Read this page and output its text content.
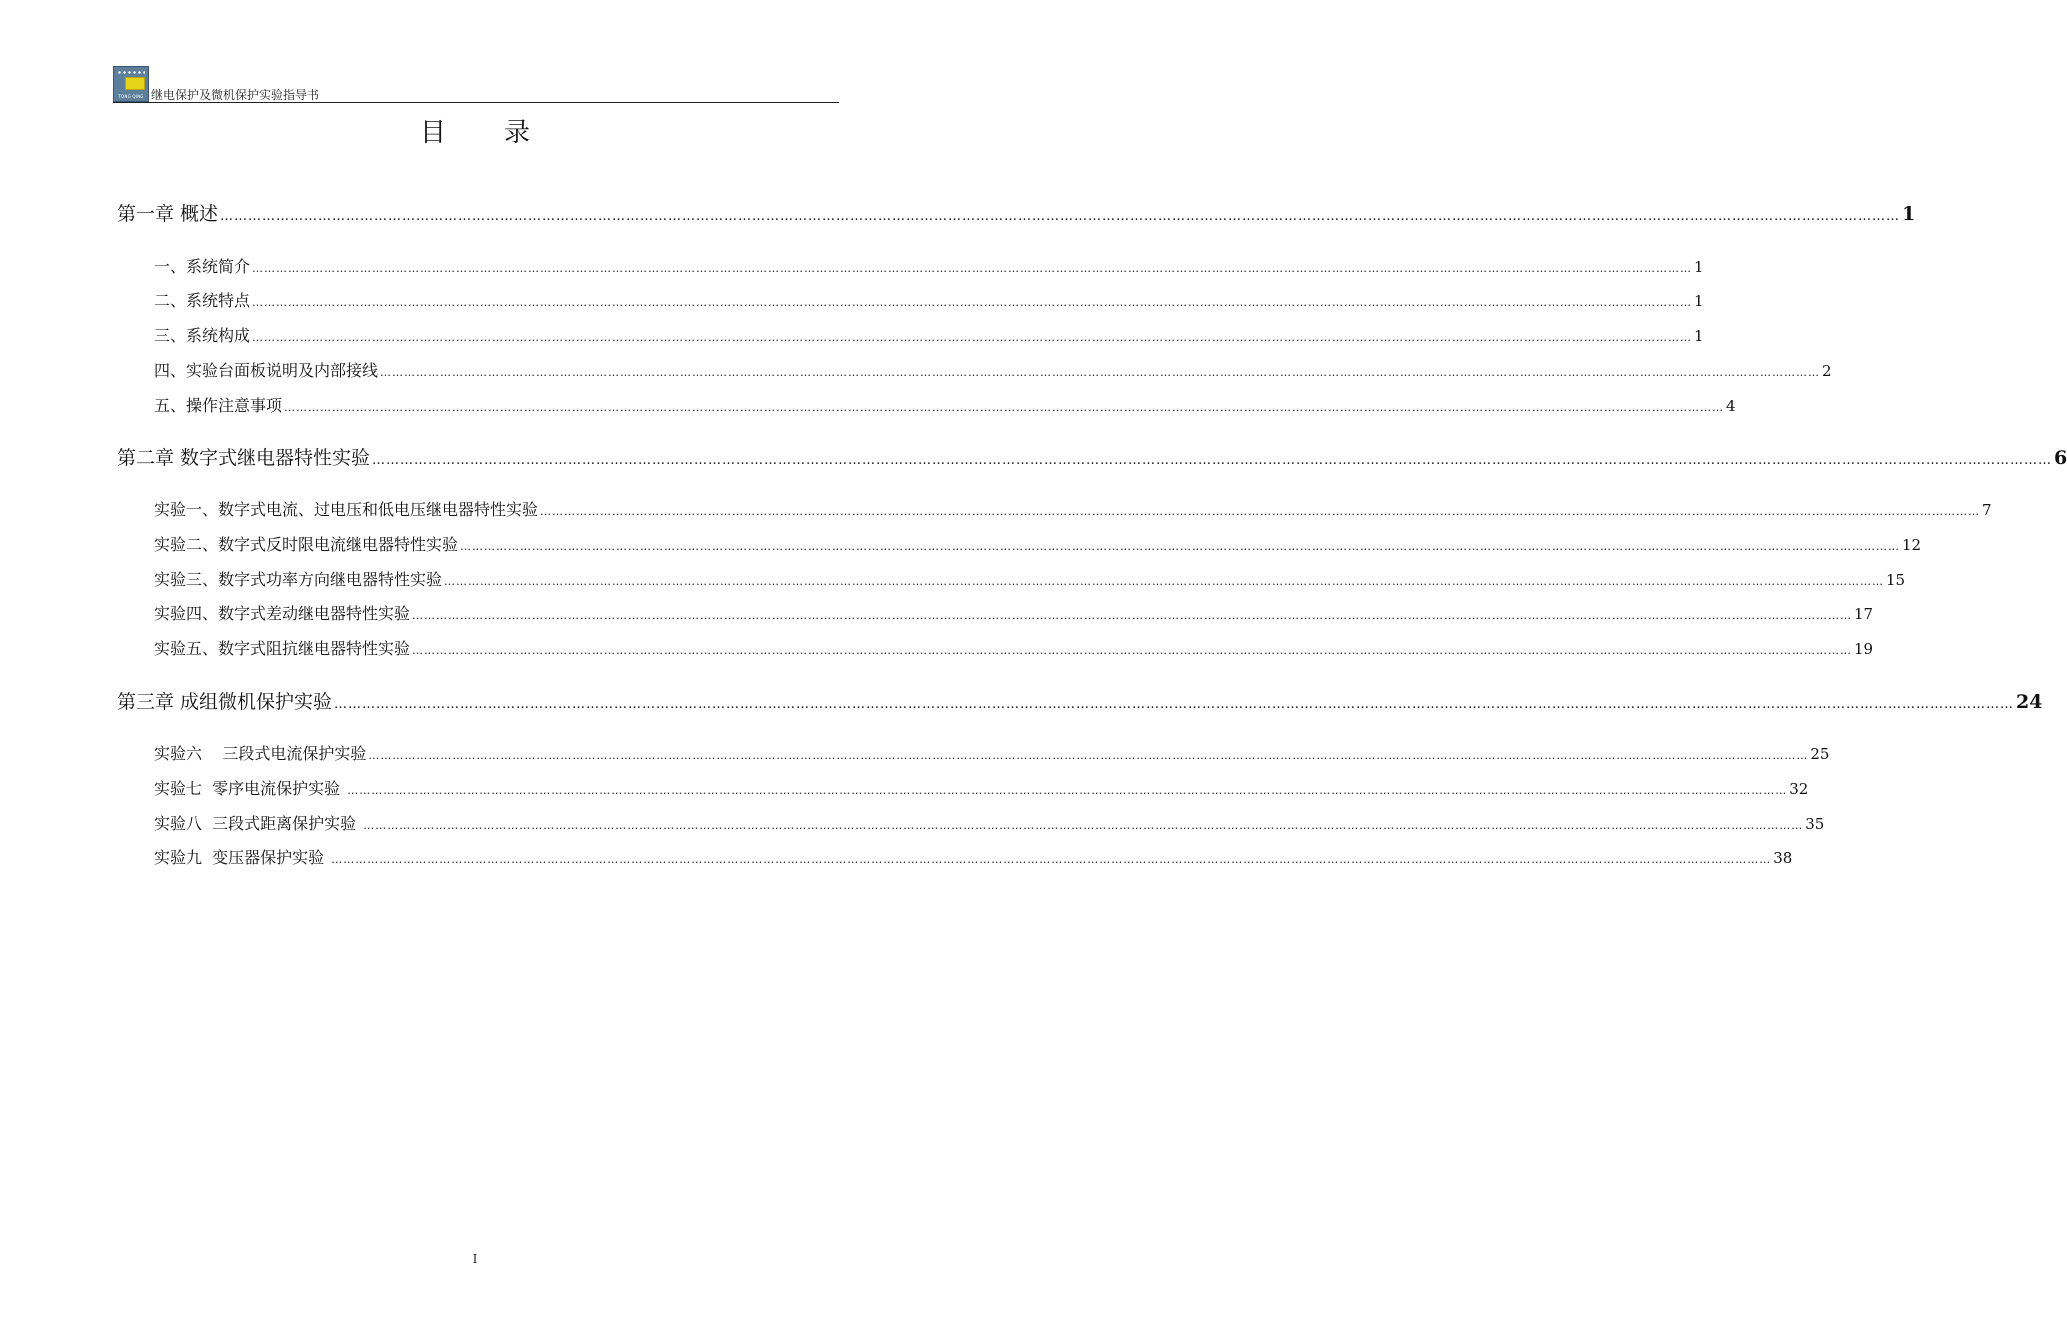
TONG QING 继电保护及微机保护实验指导书
目录
第一章 概述 ……………………………………………………………………………………………………………………………………………………………………………………………………………………………………………………………………………………………………………………………… 1
一、系统简介 ……………………………………………………………………………………………………………………………………………………………………………………………………………………………………………………………………………………………………………………………… 1
二、系统特点 ……………………………………………………………………………………………………………………………………………………………………………………………………………………………………………………………………………………………………………………………… 1
三、系统构成 ……………………………………………………………………………………………………………………………………………………………………………………………………………………………………………………………………………………………………………………………… 1
四、实验台面板说明及内部接线 ……………………………………………………………………………………………………………………………………………………………………………………………………………………………………………………………………………………………………………………………… 2
五、操作注意事项 ……………………………………………………………………………………………………………………………………………………………………………………………………………………………………………………………………………………………………………………………… 4
第二章 数字式继电器特性实验 ……………………………………………………………………………………………………………………………………………………………………………………………………………………………………………………………………………………………………………………………… 6
实验一、数字式电流、过电压和低电压继电器特性实验 ……………………………………………………………………………………………………………………………………………………………………………………………………………………………………………………………………………………………………………………………… 7
实验二、数字式反时限电流继电器特性实验 ……………………………………………………………………………………………………………………………………………………………………………………………………………………………………………………………………………………………………………………………… 12
实验三、数字式功率方向继电器特性实验 ……………………………………………………………………………………………………………………………………………………………………………………………………………………………………………………………………………………………………………………………… 15
实验四、数字式差动继电器特性实验 ……………………………………………………………………………………………………………………………………………………………………………………………………………………………………………………………………………………………………………………………… 17
实验五、数字式阻抗继电器特性实验 ……………………………………………………………………………………………………………………………………………………………………………………………………………………………………………………………………………………………………………………………… 19
第三章 成组微机保护实验 ……………………………………………………………………………………………………………………………………………………………………………………………………………………………………………………………………………………………………………………………… 24
实验六    三段式电流保护实验 ……………………………………………………………………………………………………………………………………………………………………………………………………………………………………………………………………………………………………………………………… 25
实验七  零序电流保护实验 ……………………………………………………………………………………………………………………………………………………………………………………………………………………………………………………………………………………………………………………………… 32
实验八  三段式距离保护实验 ……………………………………………………………………………………………………………………………………………………………………………………………………………………………………………………………………………………………………………………………… 35
实验九  变压器保护实验 ……………………………………………………………………………………………………………………………………………………………………………………………………………………………………………………………………………………………………………………………… 38
I
